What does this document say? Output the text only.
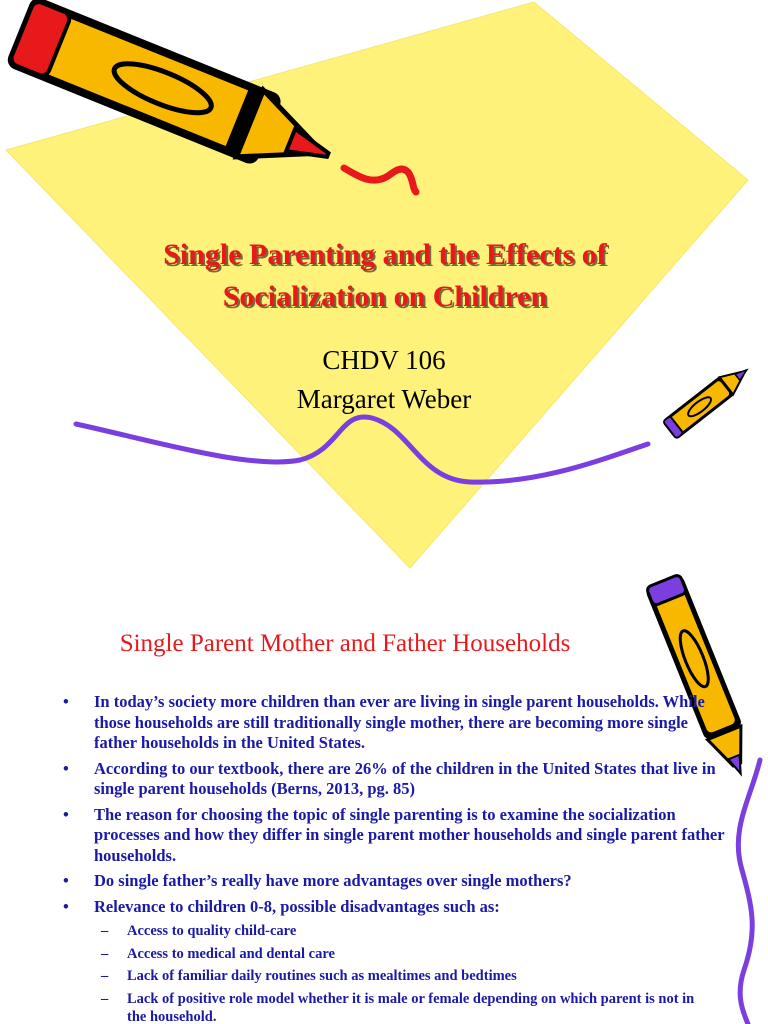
Single Parenting and the Effects of Socialization on Children
CHDV 106
Margaret Weber
Single Parent Mother and Father Households
• In today’s society more children than ever are living in single parent households. While those households are still traditionally single mother, there are becoming more single father households in the United States.
• According to our textbook, there are 26% of the children in the United States that live in single parent households (Berns, 2013, pg. 85)
• The reason for choosing the topic of single parenting is to examine the socialization processes and how they differ in single parent mother households and single parent father households.
• Do single father’s really have more advantages over single mothers?
• Relevance to children 0-8, possible disadvantages such as:
– Access to quality child-care
– Access to medical and dental care
– Lack of familiar daily routines such as mealtimes and bedtimes
– Lack of positive role model whether it is male or female depending on which parent is not in the household.
